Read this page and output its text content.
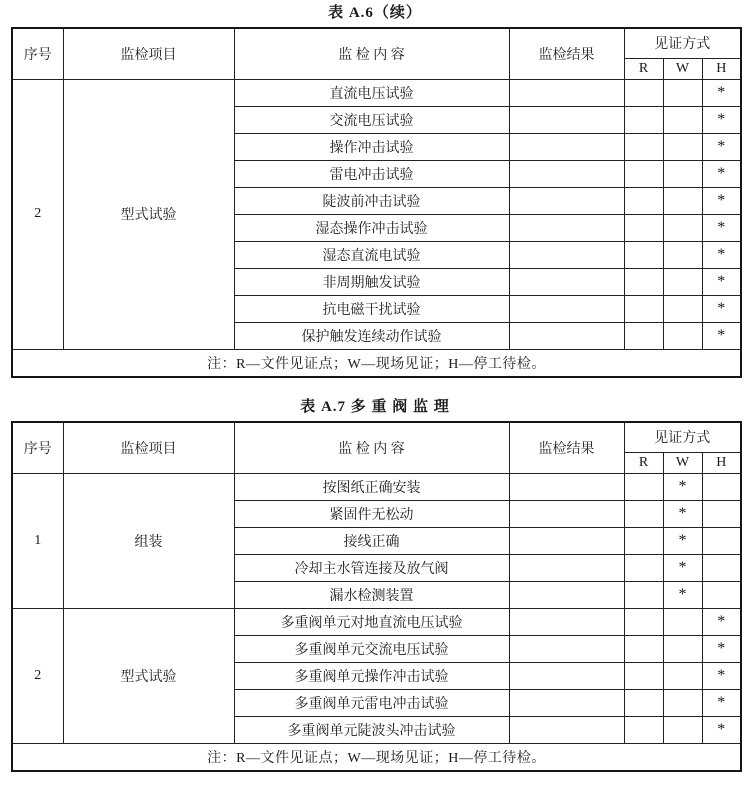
表 A.6（续）
序号	监检项目	监 检 内 容	监检结果	见证方式		
				R	W	H
2	型式试验	直流电压试验				*
		交流电压试验				*
		操作冲击试验				*
		雷电冲击试验				*
		陡波前冲击试验				*
		湿态操作冲击试验				*
		湿态直流电试验				*
		非周期触发试验				*
		抗电磁干扰试验				*
		保护触发连续动作试验				*
注：R—文件见证点；W—现场见证；H—停工待检。						
表 A.7 多 重 阀 监 理
序号	监检项目	监 检 内 容	监检结果	见证方式		
				R	W	H
1	组装	按图纸正确安装			*	
		紧固件无松动			*	
		接线正确			*	
		冷却主水管连接及放气阀			*	
		漏水检测装置			*	
2	型式试验	多重阀单元对地直流电压试验				*
		多重阀单元交流电压试验				*
		多重阀单元操作冲击试验				*
		多重阀单元雷电冲击试验				*
		多重阀单元陡波头冲击试验				*
注：R—文件见证点；W—现场见证；H—停工待检。						
